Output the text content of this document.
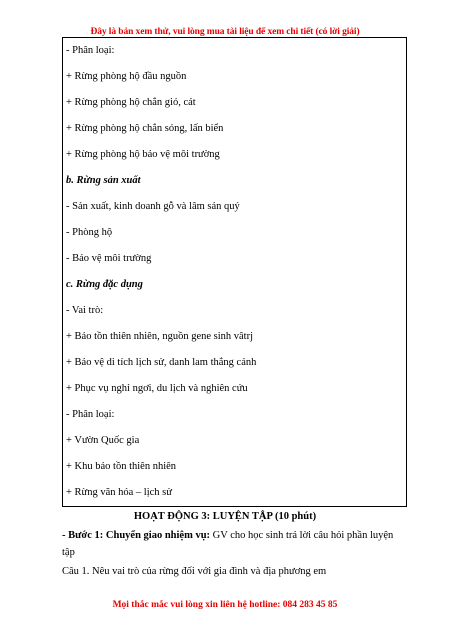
Đây là bản xem thử, vui lòng mua tài liệu để xem chi tiết (có lời giải)
- Phân loại:
+ Rừng phòng hộ đầu nguồn
+ Rừng phòng hộ chắn gió, cát
+ Rừng phòng hộ chắn sóng, lấn biển
+ Rừng phòng hộ bảo vệ môi trường
b. Rừng sản xuất
- Sản xuất, kinh doanh gỗ và lâm sản quý
- Phòng hộ
- Bảo vệ môi trường
c. Rừng đặc dụng
- Vai trò:
+ Bảo tồn thiên nhiên, nguồn gene sinh vâtrj
+ Bảo vệ di tích lịch sử, danh lam thắng cảnh
+ Phục vụ nghỉ ngơi, du lịch và nghiên cứu
- Phân loại:
+ Vườn Quốc gia
+ Khu bảo tồn thiên nhiên
+ Rừng văn hóa – lịch sử
HOẠT ĐỘNG 3: LUYỆN TẬP (10 phút)
- Bước 1: Chuyển giao nhiệm vụ: GV cho học sinh trả lời câu hỏi phần luyện tập
Câu 1. Nêu vai trò của rừng đối với gia đình và địa phương em
Mọi thắc mắc vui lòng xin liên hệ hotline: 084 283 45 85
